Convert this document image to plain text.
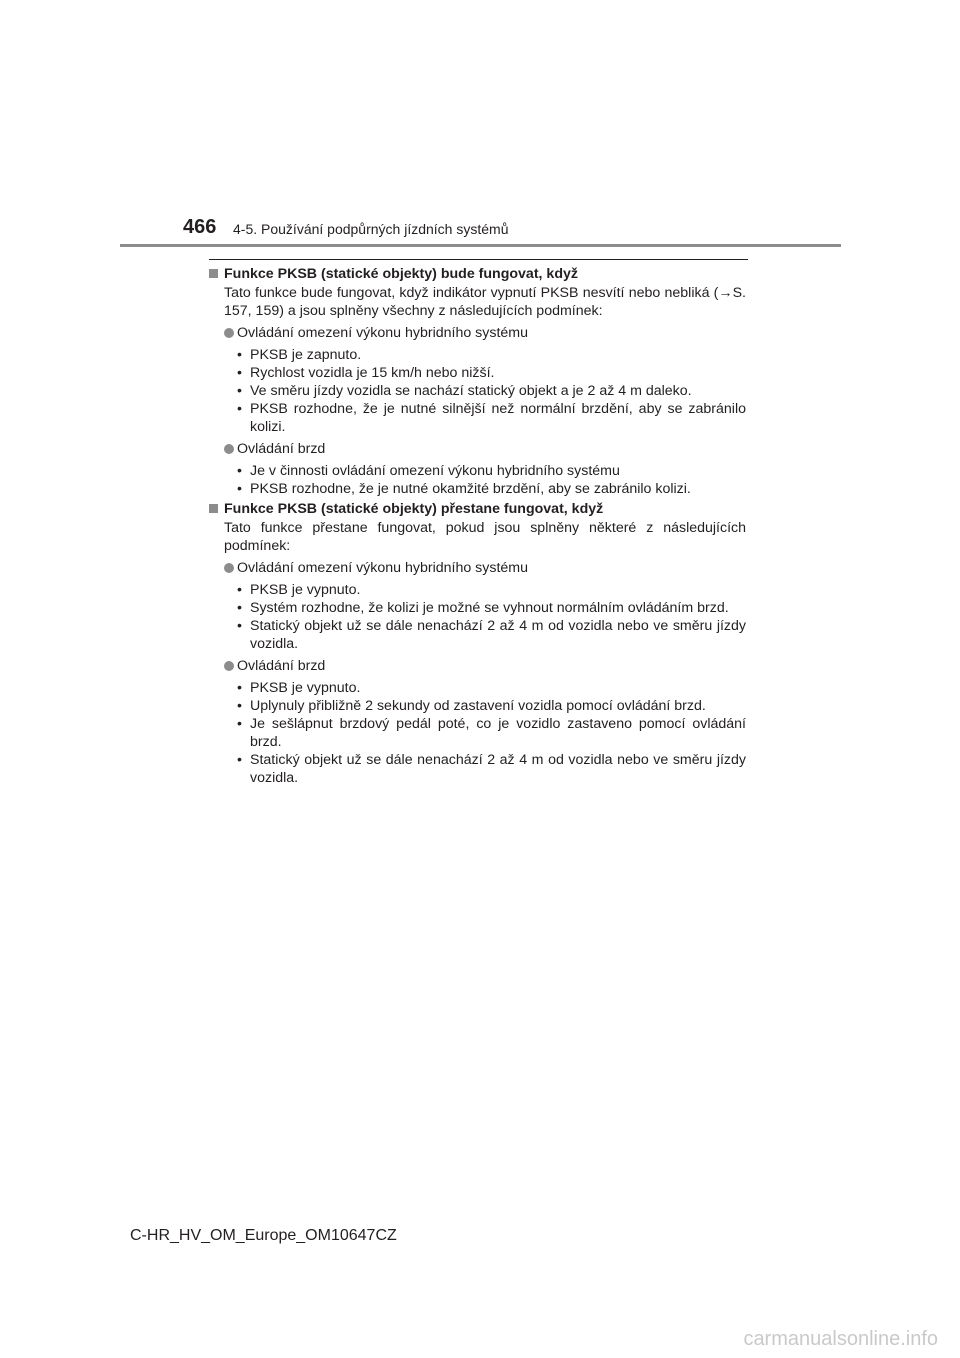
466 4-5. Používání podpůrných jízdních systémů
Funkce PKSB (statické objekty) bude fungovat, když

Tato funkce bude fungovat, když indikátor vypnutí PKSB nesvítí nebo nebliká (→S. 157, 159) a jsou splněny všechny z následujících podmínek:

Ovládání omezení výkonu hybridního systému
• PKSB je zapnuto.
• Rychlost vozidla je 15 km/h nebo nižší.
• Ve směru jízdy vozidla se nachází statický objekt a je 2 až 4 m daleko.
• PKSB rozhodne, že je nutné silnější než normální brzdění, aby se zabránilo kolizi.
Ovládání brzd
• Je v činnosti ovládání omezení výkonu hybridního systému
• PKSB rozhodne, že je nutné okamžité brzdění, aby se zabránilo kolizi.
Funkce PKSB (statické objekty) přestane fungovat, když

Tato funkce přestane fungovat, pokud jsou splněny některé z následujících podmínek:

Ovládání omezení výkonu hybridního systému
• PKSB je vypnuto.
• Systém rozhodne, že kolizi je možné se vyhnout normálním ovládáním brzd.
• Statický objekt už se dále nenachází 2 až 4 m od vozidla nebo ve směru jízdy vozidla.
Ovládání brzd
• PKSB je vypnuto.
• Uplynuly přibližně 2 sekundy od zastavení vozidla pomocí ovládání brzd.
• Je sešlápnut brzdový pedál poté, co je vozidlo zastaveno pomocí ovládání brzd.
• Statický objekt už se dále nenachází 2 až 4 m od vozidla nebo ve směru jízdy vozidla.
C-HR_HV_OM_Europe_OM10647CZ
carmanualsonline.info
